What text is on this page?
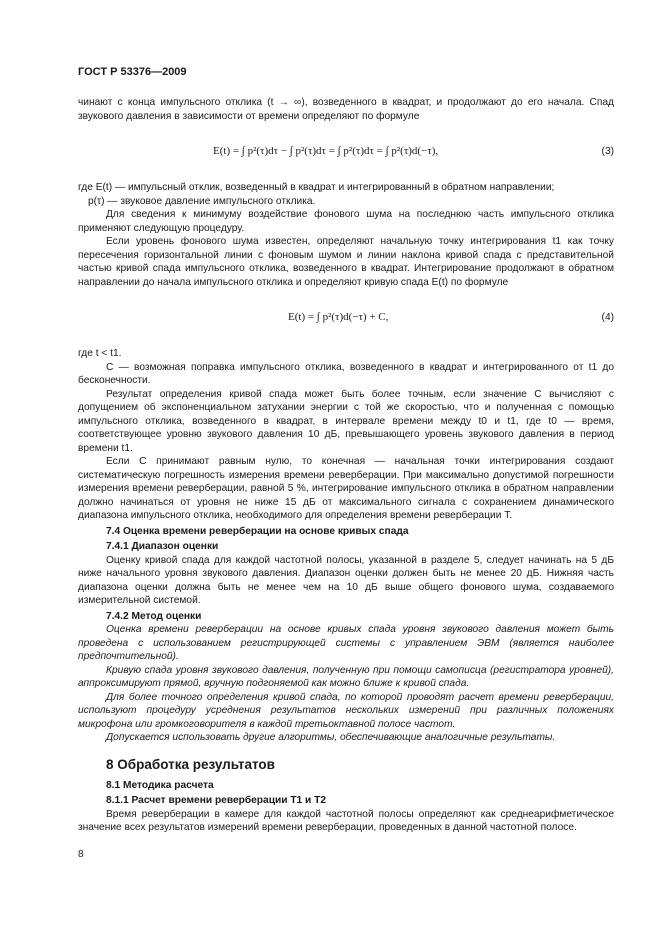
ГОСТ Р 53376—2009

чинают с конца импульсного отклика (t → ∞), возведенного в квадрат, и продолжают до его начала. Спад звукового давления в зависимости от времени определяют по формуле

E(t) = ∫ p²(τ)dτ − ∫ p²(τ)dτ = ∫ p²(τ)dτ = ∫ p²(τ)d(−τ),	(3)

где E(t) — импульсный отклик, возведенный в квадрат и интегрированный в обратном направлении;

p(τ) — звуковое давление импульсного отклика.

Для сведения к минимуму воздействие фонового шума на последнюю часть импульсного отклика применяют следующую процедуру.

Если уровень фонового шума известен, определяют начальную точку интегрирования t1 как точку пересечения горизонтальной линии с фоновым шумом и линии наклона кривой спада с представительной частью кривой спада импульсного отклика, возведенного в квадрат. Интегрирование продолжают в обратном направлении до начала импульсного отклика и определяют кривую спада E(t) по формуле

E(t) = ∫ p²(τ)d(−τ) + C,	(4)

где t < t1.

C — возможная поправка импульсного отклика, возведенного в квадрат и интегрированного от t1 до бесконечности.

Результат определения кривой спада может быть более точным, если значение C вычисляют с допущением об экспоненциальном затухании энергии с той же скоростью, что и полученная с помощью импульсного отклика, возведенного в квадрат, в интервале времени между t0 и t1, где t0 — время, соответствующее уровню звукового давления 10 дБ, превышающего уровень звукового давления в период времени t1.

Если C принимают равным нулю, то конечная — начальная точки интегрирования создают систематическую погрешность измерения времени реверберации. При максимально допустимой погрешности измерения времени реверберации, равной 5 %, интегрирование импульсного отклика в обратном направлении должно начинаться от уровня не ниже 15 дБ от максимального сигнала с сохранением динамического диапазона импульсного отклика, необходимого для определения времени реверберации T.

7.4 Оценка времени реверберации на основе кривых спада
7.4.1 Диапазон оценки

Оценку кривой спада для каждой частотной полосы, указанной в разделе 5, следует начинать на 5 дБ ниже начального уровня звукового давления. Диапазон оценки должен быть не менее 20 дБ. Нижняя часть диапазона оценки должна быть не менее чем на 10 дБ выше общего фонового шума, создаваемого измерительной системой.

7.4.2 Метод оценки

Оценка времени реверберации на основе кривых спада уровня звукового давления может быть проведена с использованием регистрирующей системы с управлением ЭВМ (является наиболее предпочтительной).

Кривую спада уровня звукового давления, полученную при помощи самописца (регистратора уровней), аппроксимируют прямой, вручную подгоняемой как можно ближе к кривой спада.

Для более точного определения кривой спада, по которой проводят расчет времени реверберации, используют процедуру усреднения результатов нескольких измерений при различных положениях микрофона или громкоговорителя в каждой третьоктавной полосе частот.

Допускается использовать другие алгоритмы, обеспечивающие аналогичные результаты.

8 Обработка результатов
8.1 Методика расчета
8.1.1 Расчет времени реверберации T1 и T2

Время реверберации в камере для каждой частотной полосы определяют как среднеарифметическое значение всех результатов измерений времени реверберации, проведенных в данной частотной полосе.

8
